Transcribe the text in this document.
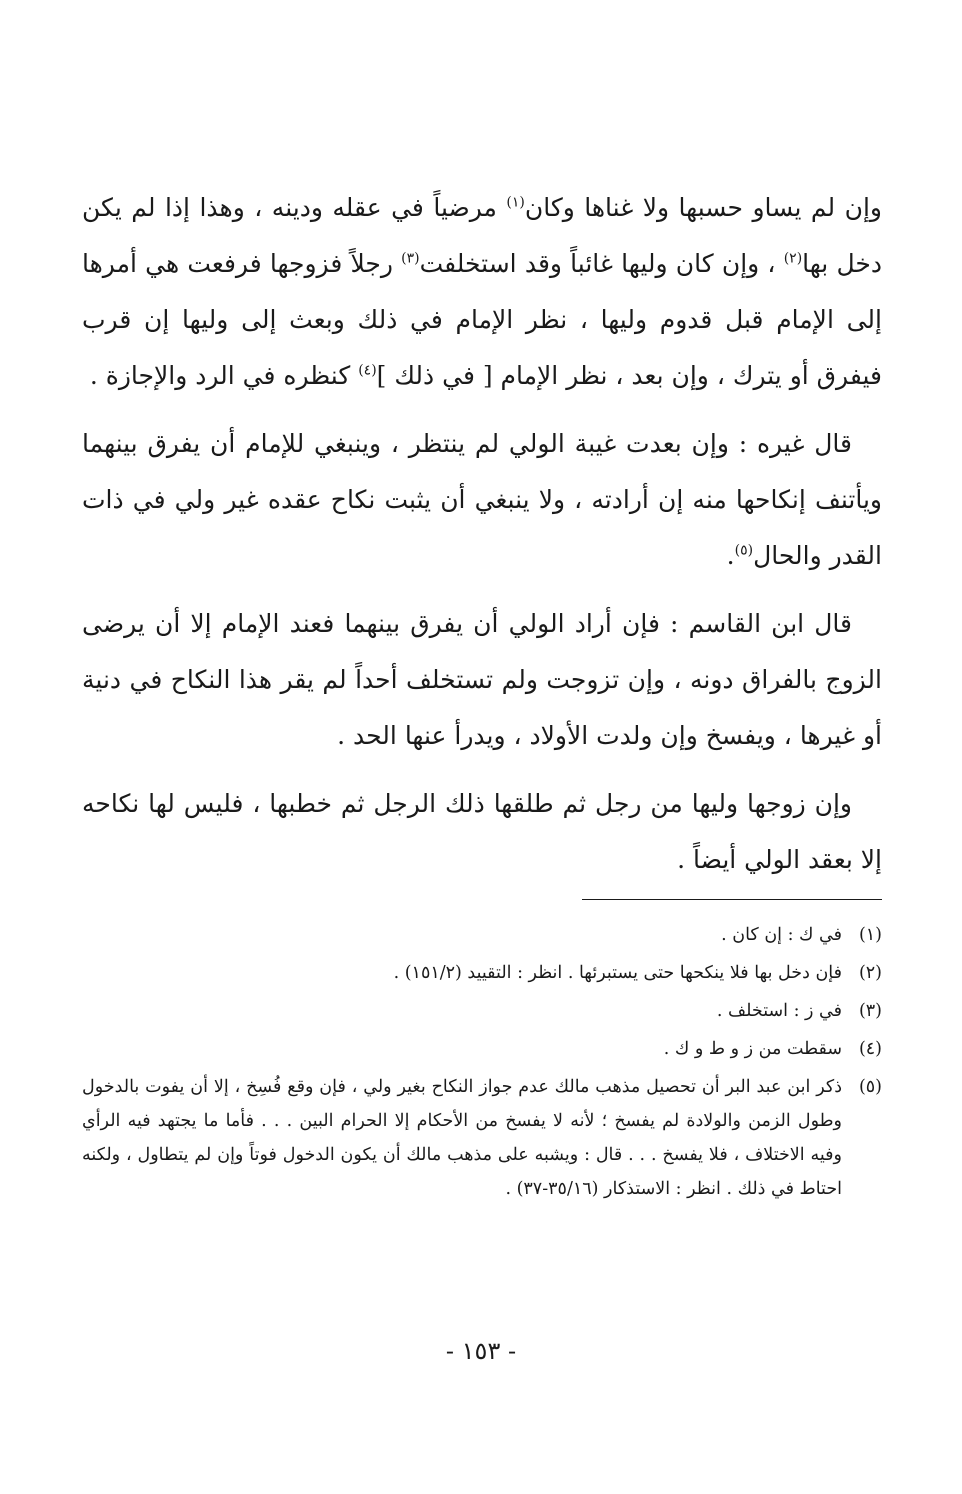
وإن لم يساو حسبها ولا غناها وكان$^{(١)}$ مرضياً في عقله ودينه ، وهذا إذا لم يكن دخل بها$^{(٢)}$ ، وإن كان وليها غائباً وقد استخلفت$^{(٣)}$ رجلاً فزوجها فرفعت هي أمرها إلى الإمام قبل قدوم وليها ، نظر الإمام في ذلك وبعث إلى وليها إن قرب فيفرق أو يترك ، وإن بعد ، نظر الإمام [ في ذلك ]$^{(٤)}$ كنظره في الرد والإجازة .

قال غيره : وإن بعدت غيبة الولي لم ينتظر ، وينبغي للإمام أن يفرق بينهما ويأتنف إنكاحها منه إن أرادته ، ولا ينبغي أن يثبت نكاح عقده غير ولي في ذات القدر والحال$^{(٥)}$.

قال ابن القاسم : فإن أراد الولي أن يفرق بينهما فعند الإمام إلا أن يرضى الزوج بالفراق دونه ، وإن تزوجت ولم تستخلف أحداً لم يقر هذا النكاح في دنية أو غيرها ، ويفسخ وإن ولدت الأولاد ، ويدرأ عنها الحد .

وإن زوجها وليها من رجل ثم طلقها ذلك الرجل ثم خطبها ، فليس لها نكاحه إلا بعقد الولي أيضاً .

(١)
في ك : إن كان .
(٢)
فإن دخل بها فلا ينكحها حتى يستبرئها . انظر : التقييد (١٥١/٢) .
(٣)
في ز : استخلف .
(٤)
سقطت من ز و ط و ك .
(٥)
ذكر ابن عبد البر أن تحصيل مذهب مالك عدم جواز النكاح بغير ولي ، فإن وقع فُسِخ ، إلا أن يفوت بالدخول وطول الزمن والولادة لم يفسخ ؛ لأنه لا يفسخ من الأحكام إلا الحرام البين . . . فأما ما يجتهد فيه الرأي وفيه الاختلاف ، فلا يفسخ . . . قال : ويشبه على مذهب مالك أن يكون الدخول فوتاً وإن لم يتطاول ، ولكنه احتاط في ذلك . انظر : الاستذكار (٣٥/١٦-٣٧) .
- ١٥٣ -
